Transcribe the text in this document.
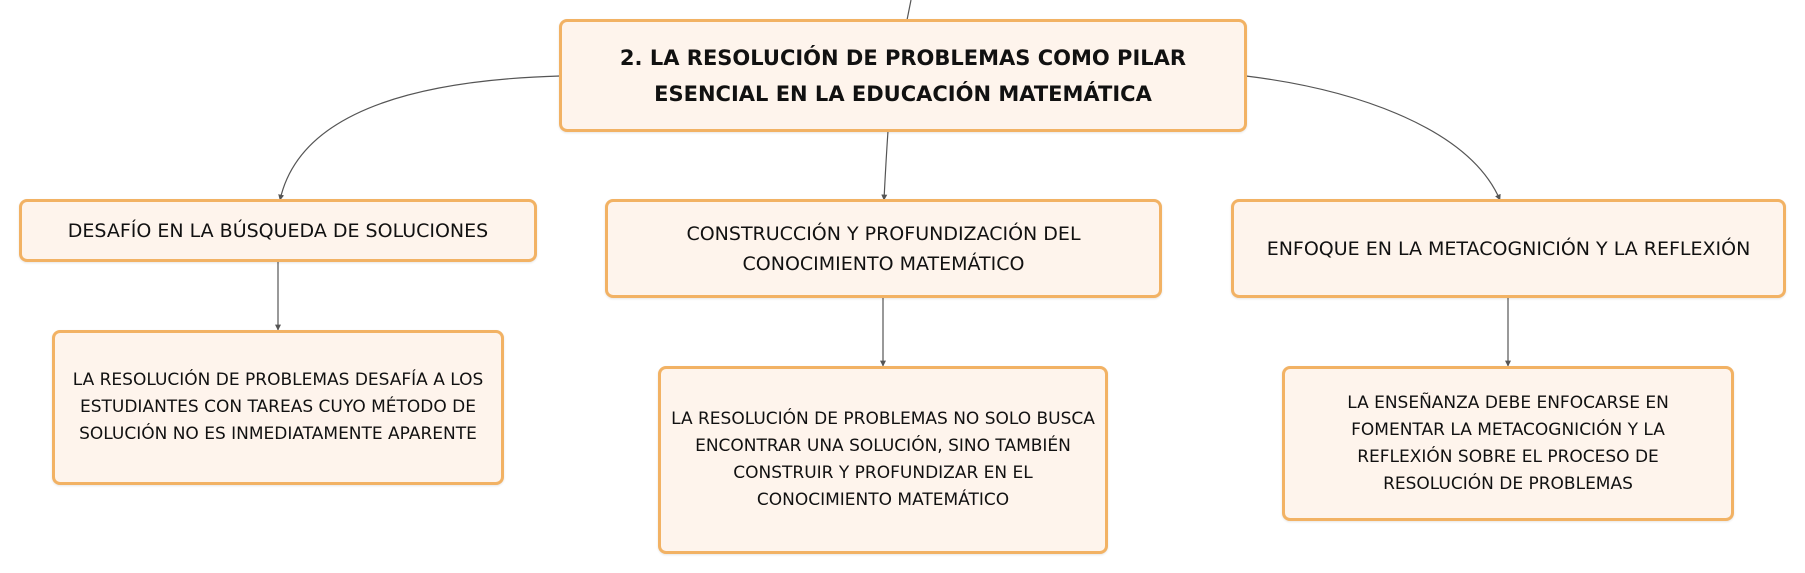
2. LA RESOLUCIÓN DE PROBLEMAS COMO PILAR ESENCIAL EN LA EDUCACIÓN MATEMÁTICA
DESAFÍO EN LA BÚSQUEDA DE SOLUCIONES	CONSTRUCCIÓN Y PROFUNDIZACIÓN DEL CONOCIMIENTO MATEMÁTICO
ENFOQUE EN LA METACOGNICIÓN Y LA REFLEXIÓN
LA RESOLUCIÓN DE PROBLEMAS DESAFÍA A LOS ESTUDIANTES CON TAREAS CUYO MÉTODO DE SOLUCIÓN NO ES INMEDIATAMENTE APARENTE
LA RESOLUCIÓN DE PROBLEMAS NO SOLO BUSCA ENCONTRAR UNA SOLUCIÓN, SINO TAMBIÉN CONSTRUIR Y PROFUNDIZAR EN EL CONOCIMIENTO MATEMÁTICO
LA ENSEÑANZA DEBE ENFOCARSE EN FOMENTAR LA METACOGNICIÓN Y LA REFLEXIÓN SOBRE EL PROCESO DE RESOLUCIÓN DE PROBLEMAS
